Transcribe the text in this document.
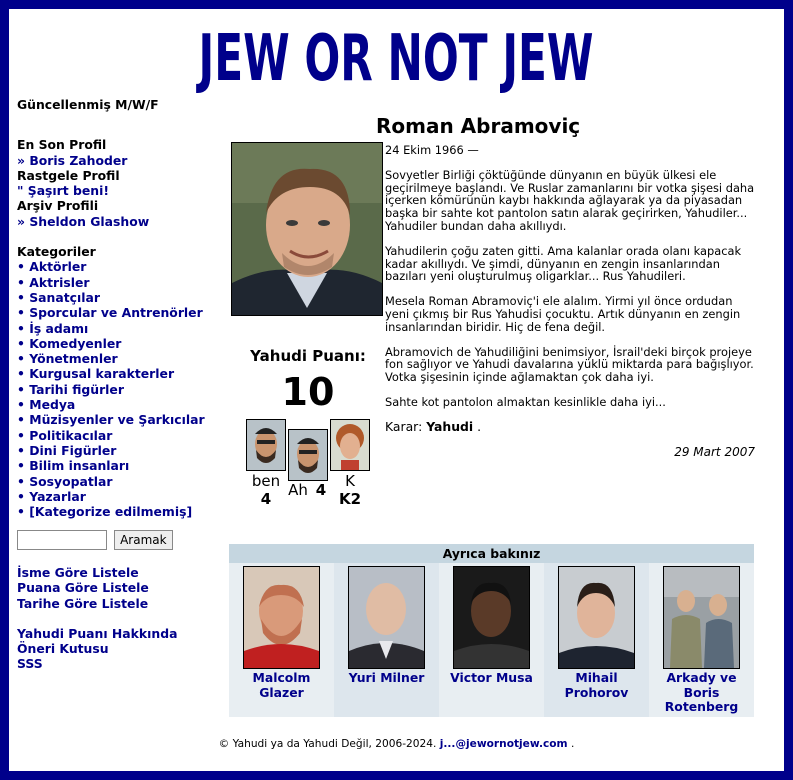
JEW OR NOT JEW
Güncellenmiş M/W/F
En Son Profil
» Boris Zahoder
Rastgele Profil
" Şaşırt beni!
Arşiv Profili
» Sheldon Glashow
Kategoriler
• Aktörler
• Aktrisler
• Sanatçılar
• Sporcular ve Antrenörler
• İş adamı
• Komedyenler
• Yönetmenler
• Kurgusal karakterler
• Tarihi figürler
• Medya
• Müzisyenler ve Şarkıcılar
• Politikacılar
• Dini Figürler
• Bilim insanları
• Sosyopatlar
• Yazarlar
• [Kategorize edilmemiş]
Aramak
İsme Göre Listele
Puana Göre Listele
Tarihe Göre Listele
Yahudi Puanı Hakkında
Öneri Kutusu
SSS
Roman Abramoviç
Yahudi Puanı:
10
ben
4	Ah 4	K
K2

24 Ekim 1966 —

Sovyetler Birliği çöktüğünde dünyanın en büyük ülkesi ele geçirilmeye başlandı. Ve Ruslar zamanlarını bir votka şişesi daha içerken kömürünün kaybı hakkında ağlayarak ya da piyasadan başka bir sahte kot pantolon satın alarak geçirirken, Yahudiler... Yahudiler bundan daha akıllıydı.

Yahudilerin çoğu zaten gitti. Ama kalanlar orada olanı kapacak kadar akıllıydı. Ve şimdi, dünyanın en zengin insanlarından bazıları yeni oluşturulmuş oligarklar... Rus Yahudileri.

Mesela Roman Abramoviç'i ele alalım. Yirmi yıl önce ordudan yeni çıkmış bir Rus Yahudisi çocuktu. Artık dünyanın en zengin insanlarından biridir. Hiç de fena değil.

Abramovich de Yahudiliğini benimsiyor, İsrail'deki birçok projeye fon sağlıyor ve Yahudi davalarına yüklü miktarda para bağışlıyor. Votka şişesinin içinde ağlamaktan çok daha iyi.

Sahte kot pantolon almaktan kesinlikle daha iyi...

Karar: Yahudi .

29 Mart 2007
Ayrıca bakınız
Malcolm Glazer
Yuri Milner	Victor Musa	Mihail Prohorov
Arkady ve Boris Rotenberg
© Yahudi ya da Yahudi Değil, 2006-2024. j...@jewornotjew.com .
